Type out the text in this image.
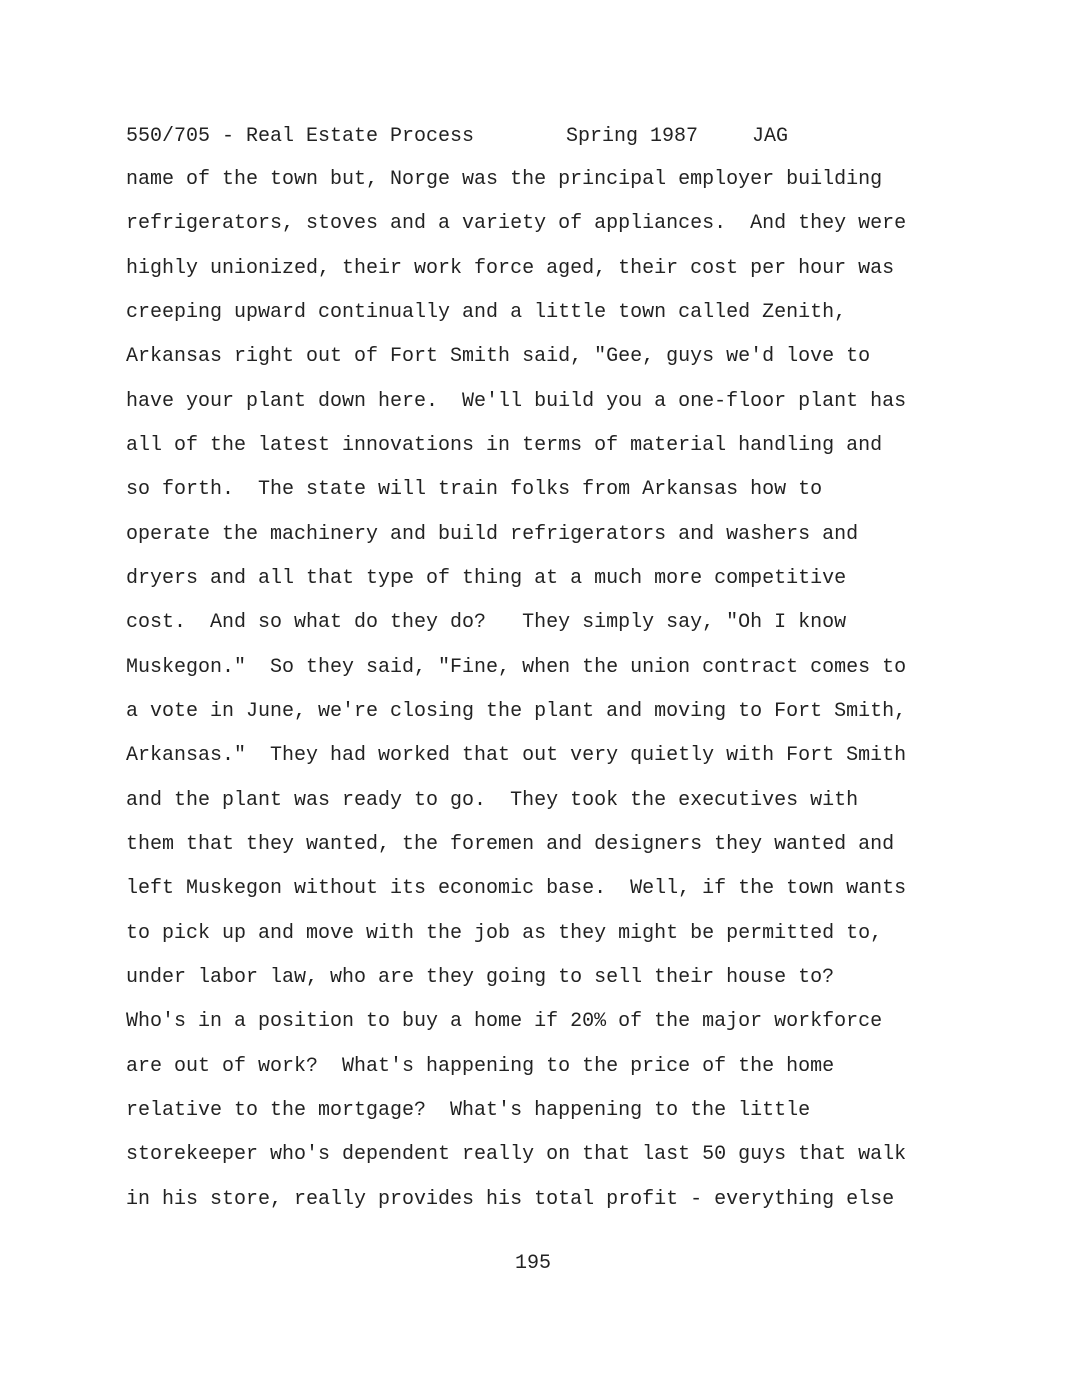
550/705 - Real Estate Process

	Spring 1987

	JAG

name of the town but, Norge was the principal employer building
refrigerators, stoves and a variety of appliances.  And they were
highly unionized, their work force aged, their cost per hour was
creeping upward continually and a little town called Zenith,
Arkansas right out of Fort Smith said, "Gee, guys we'd love to
have your plant down here.  We'll build you a one-floor plant has
all of the latest innovations in terms of material handling and
so forth.  The state will train folks from Arkansas how to
operate the machinery and build refrigerators and washers and
dryers and all that type of thing at a much more competitive
cost.  And so what do they do?   They simply say, "Oh I know
Muskegon."  So they said, "Fine, when the union contract comes to
a vote in June, we're closing the plant and moving to Fort Smith,
Arkansas."  They had worked that out very quietly with Fort Smith
and the plant was ready to go.  They took the executives with
them that they wanted, the foremen and designers they wanted and
left Muskegon without its economic base.  Well, if the town wants
to pick up and move with the job as they might be permitted to,
under labor law, who are they going to sell their house to?
Who's in a position to buy a home if 20% of the major workforce
are out of work?  What's happening to the price of the home
relative to the mortgage?  What's happening to the little
storekeeper who's dependent really on that last 50 guys that walk
in his store, really provides his total profit - everything else
195
